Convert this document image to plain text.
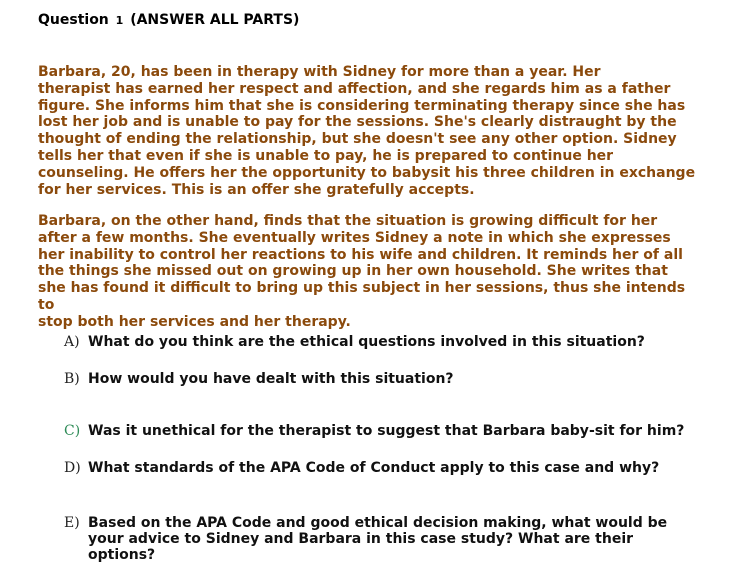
Question 1 (ANSWER ALL PARTS)

Barbara, 20, has been in therapy with Sidney for more than a year. Her
therapist has earned her respect and affection, and she regards him as a father
figure. She informs him that she is considering terminating therapy since she has
lost her job and is unable to pay for the sessions. She's clearly distraught by the
thought of ending the relationship, but she doesn't see any other option. Sidney
tells her that even if she is unable to pay, he is prepared to continue her
counseling. He offers her the opportunity to babysit his three children in exchange
for her services. This is an offer she gratefully accepts.

Barbara, on the other hand, finds that the situation is growing difficult for her
after a few months. She eventually writes Sidney a note in which she expresses
her inability to control her reactions to his wife and children. It reminds her of all
the things she missed out on growing up in her own household. She writes that
she has found it difficult to bring up this subject in her sessions, thus she intends to
stop both her services and her therapy.

A) What do you think are the ethical questions involved in this situation?
B) How would you have dealt with this situation?
C) Was it unethical for the therapist to suggest that Barbara baby-sit for him?
D) What standards of the APA Code of Conduct apply to this case and why?
E) Based on the APA Code and good ethical decision making, what would be
your advice to Sidney and Barbara in this case study? What are their
options?
